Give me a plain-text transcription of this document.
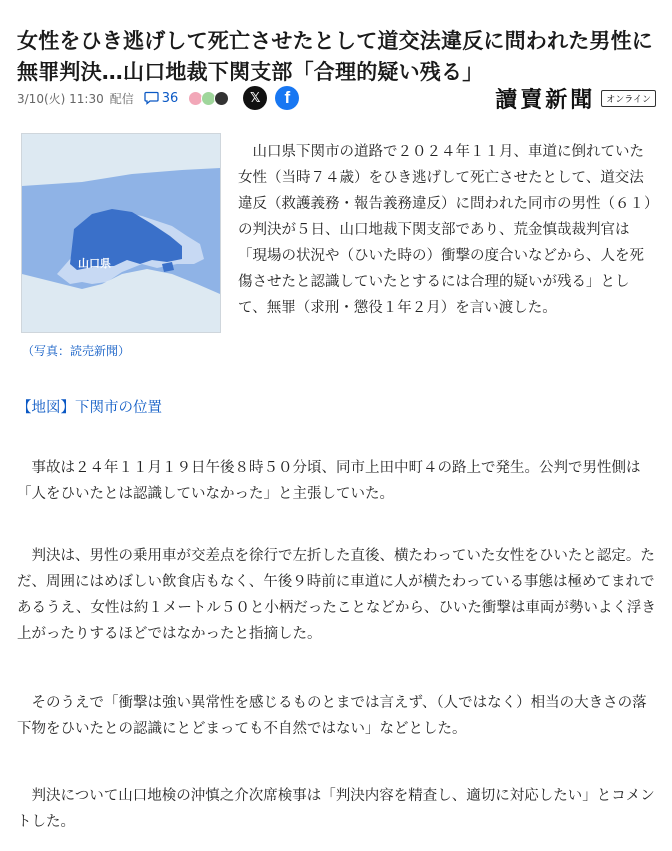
女性をひき逃げして死亡させたとして道交法違反に問われた男性に無罪判決…山口地裁下関支部「合理的疑い残る」
3/10(火) 11:30 配信 36	𝕏	f	讀賣新聞	オンライン
山口県
（写真：読売新聞）

　山口県下関市の道路で２０２４年１１月、車道に倒れていた女性（当時７４歳）をひき逃げして死亡させたとして、道交法違反（救護義務・報告義務違反）に問われた同市の男性（６１）の判決が５日、山口地裁下関支部であり、荒金慎哉裁判官は「現場の状況や（ひいた時の）衝撃の度合いなどから、人を死傷させたと認識していたとするには合理的疑いが残る」として、無罪（求刑・懲役１年２月）を言い渡した。

【地図】下関市の位置

　事故は２４年１１月１９日午後８時５０分頃、同市上田中町４の路上で発生。公判で男性側は「人をひいたとは認識していなかった」と主張していた。

　判決は、男性の乗用車が交差点を徐行で左折した直後、横たわっていた女性をひいたと認定。ただ、周囲にはめぼしい飲食店もなく、午後９時前に車道に人が横たわっている事態は極めてまれであるうえ、女性は約１メートル５０と小柄だったことなどから、ひいた衝撃は車両が勢いよく浮き上がったりするほどではなかったと指摘した。

　そのうえで「衝撃は強い異常性を感じるものとまでは言えず、（人ではなく）相当の大きさの落下物をひいたとの認識にとどまっても不自然ではない」などとした。

　判決について山口地検の沖慎之介次席検事は「判決内容を精査し、適切に対応したい」とコメントした。
